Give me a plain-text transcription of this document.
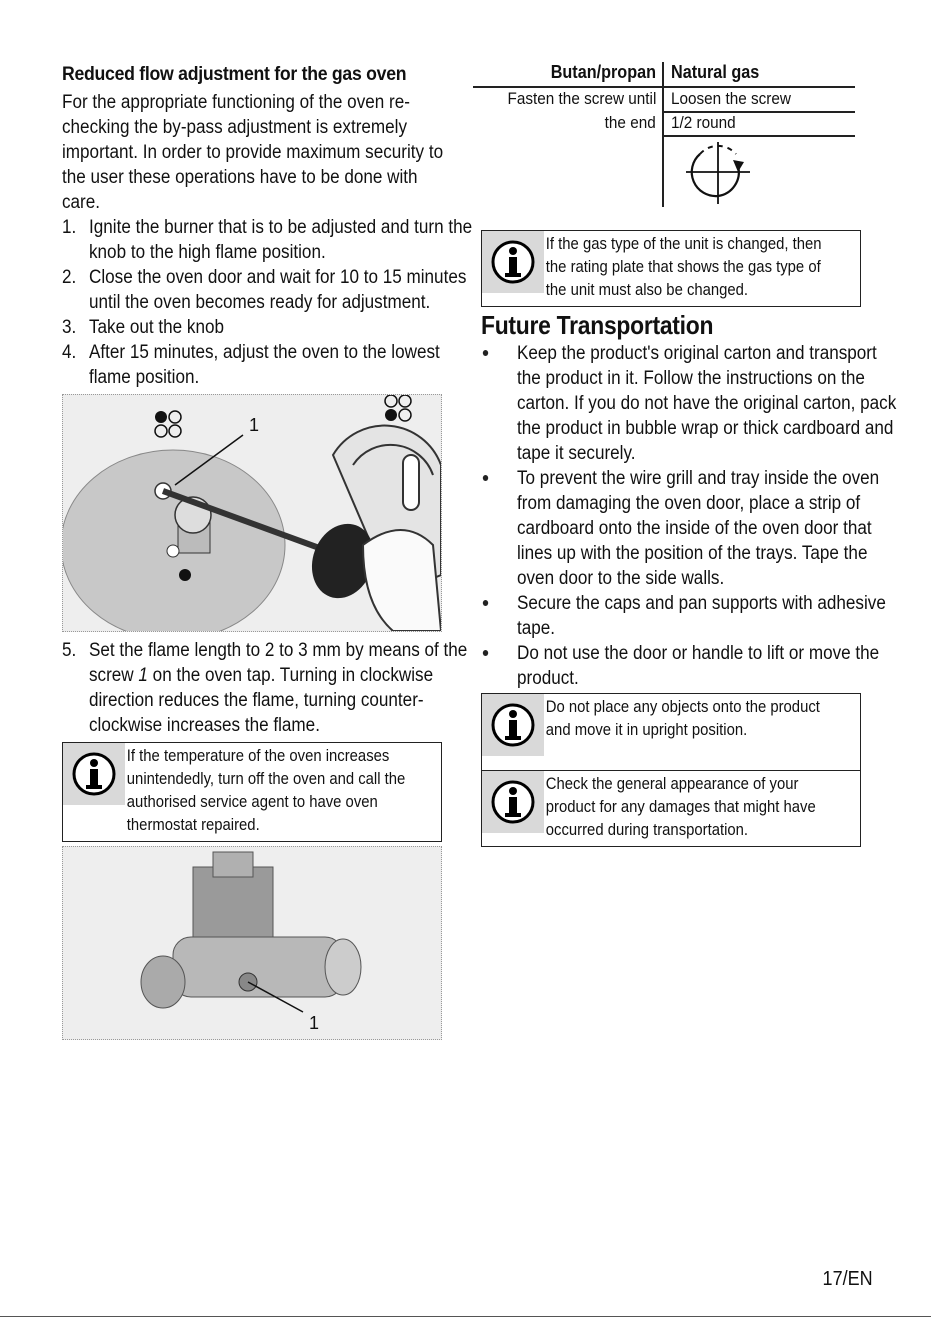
Reduced flow adjustment for the gas oven

For the appropriate functioning of the oven re-checking the by-pass adjustment is extremely important. In order to provide maximum security to the user these operations have to be done with care.

1. Ignite the burner that is to be adjusted and turn the knob to the high flame position.
2. Close the oven door and wait for 10 to 15 minutes until the oven becomes ready for adjustment.
3. Take out the knob
4. After 15 minutes, adjust the oven to the lowest flame position.
1
5. Set the flame length to 2 to 3 mm by means of the screw 1 on the oven tap. Turning in clockwise direction reduces the flame, turning counter-clockwise increases the flame.
If the temperature of the oven increases unintendedly, turn off the oven and call the authorised service agent to have oven thermostat repaired.
1
Butan/propan Natural gas
Fasten the screw until
the end
Loosen the screw
1/2 round
If the gas type of the unit is changed, then the rating plate that shows the gas type of the unit must also be changed.
Future Transportation
Keep the product's original carton and transport the product in it. Follow the instructions on the carton. If you do not have the original carton, pack the product in bubble wrap or thick cardboard and tape it securely.
To prevent the wire grill and tray inside the oven from damaging the oven door, place a strip of cardboard onto the inside of the oven door that lines up with the position of the trays. Tape the oven door to the side walls.
Secure the caps and pan supports with adhesive tape.
Do not use the door or handle to lift or move the product.
Do not place any objects onto the product and move it in upright position.
Check the general appearance of your product for any damages that might have occurred during transportation.
17/EN
